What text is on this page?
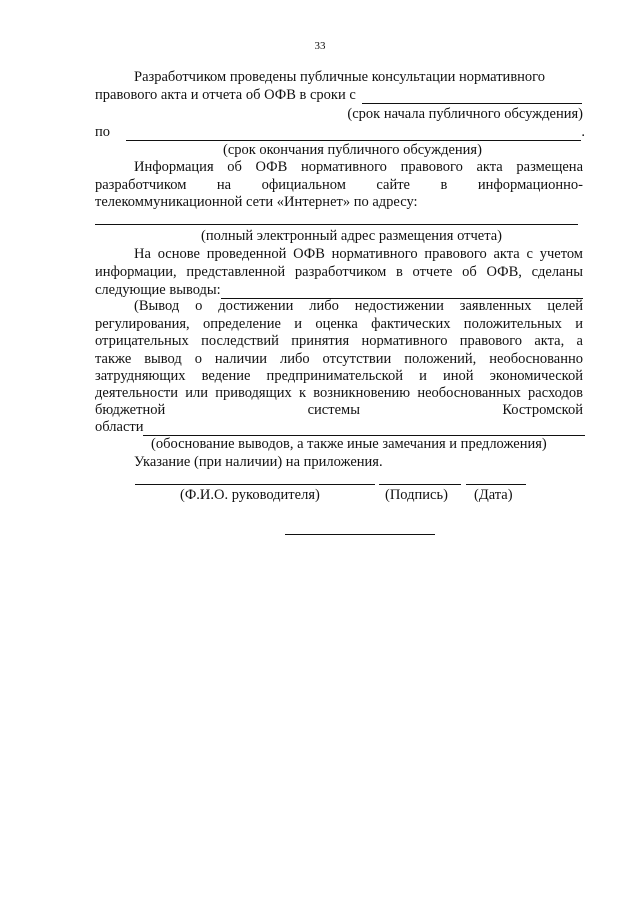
33
Разработчиком проведены публичные консультации нормативного
правового акта и отчета об ОФВ в сроки с
(срок начала публичного обсуждения)
по	.
(срок окончания публичного обсуждения)
Информация об ОФВ нормативного правового акта размещена
разработчиком на официальном сайте в информационно-
телекоммуникационной сети «Интернет» по адресу:
(полный электронный адрес размещения отчета)
На основе проведенной ОФВ нормативного правового акта с учетом
информации, представленной разработчиком в отчете об ОФВ, сделаны
следующие выводы:
(Вывод о достижении либо недостижении заявленных целей
регулирования, определение и оценка фактических положительных и
отрицательных последствий принятия нормативного правового акта, а
также вывод о наличии либо отсутствии положений, необоснованно
затрудняющих ведение предпринимательской и иной экономической
деятельности или приводящих к возникновению необоснованных расходов
бюджетной	системы	Костромской
области
(обоснование выводов, а также иные замечания и предложения)
Указание (при наличии) на приложения.
(Ф.И.О. руководителя)	(Подпись) (Дата)
